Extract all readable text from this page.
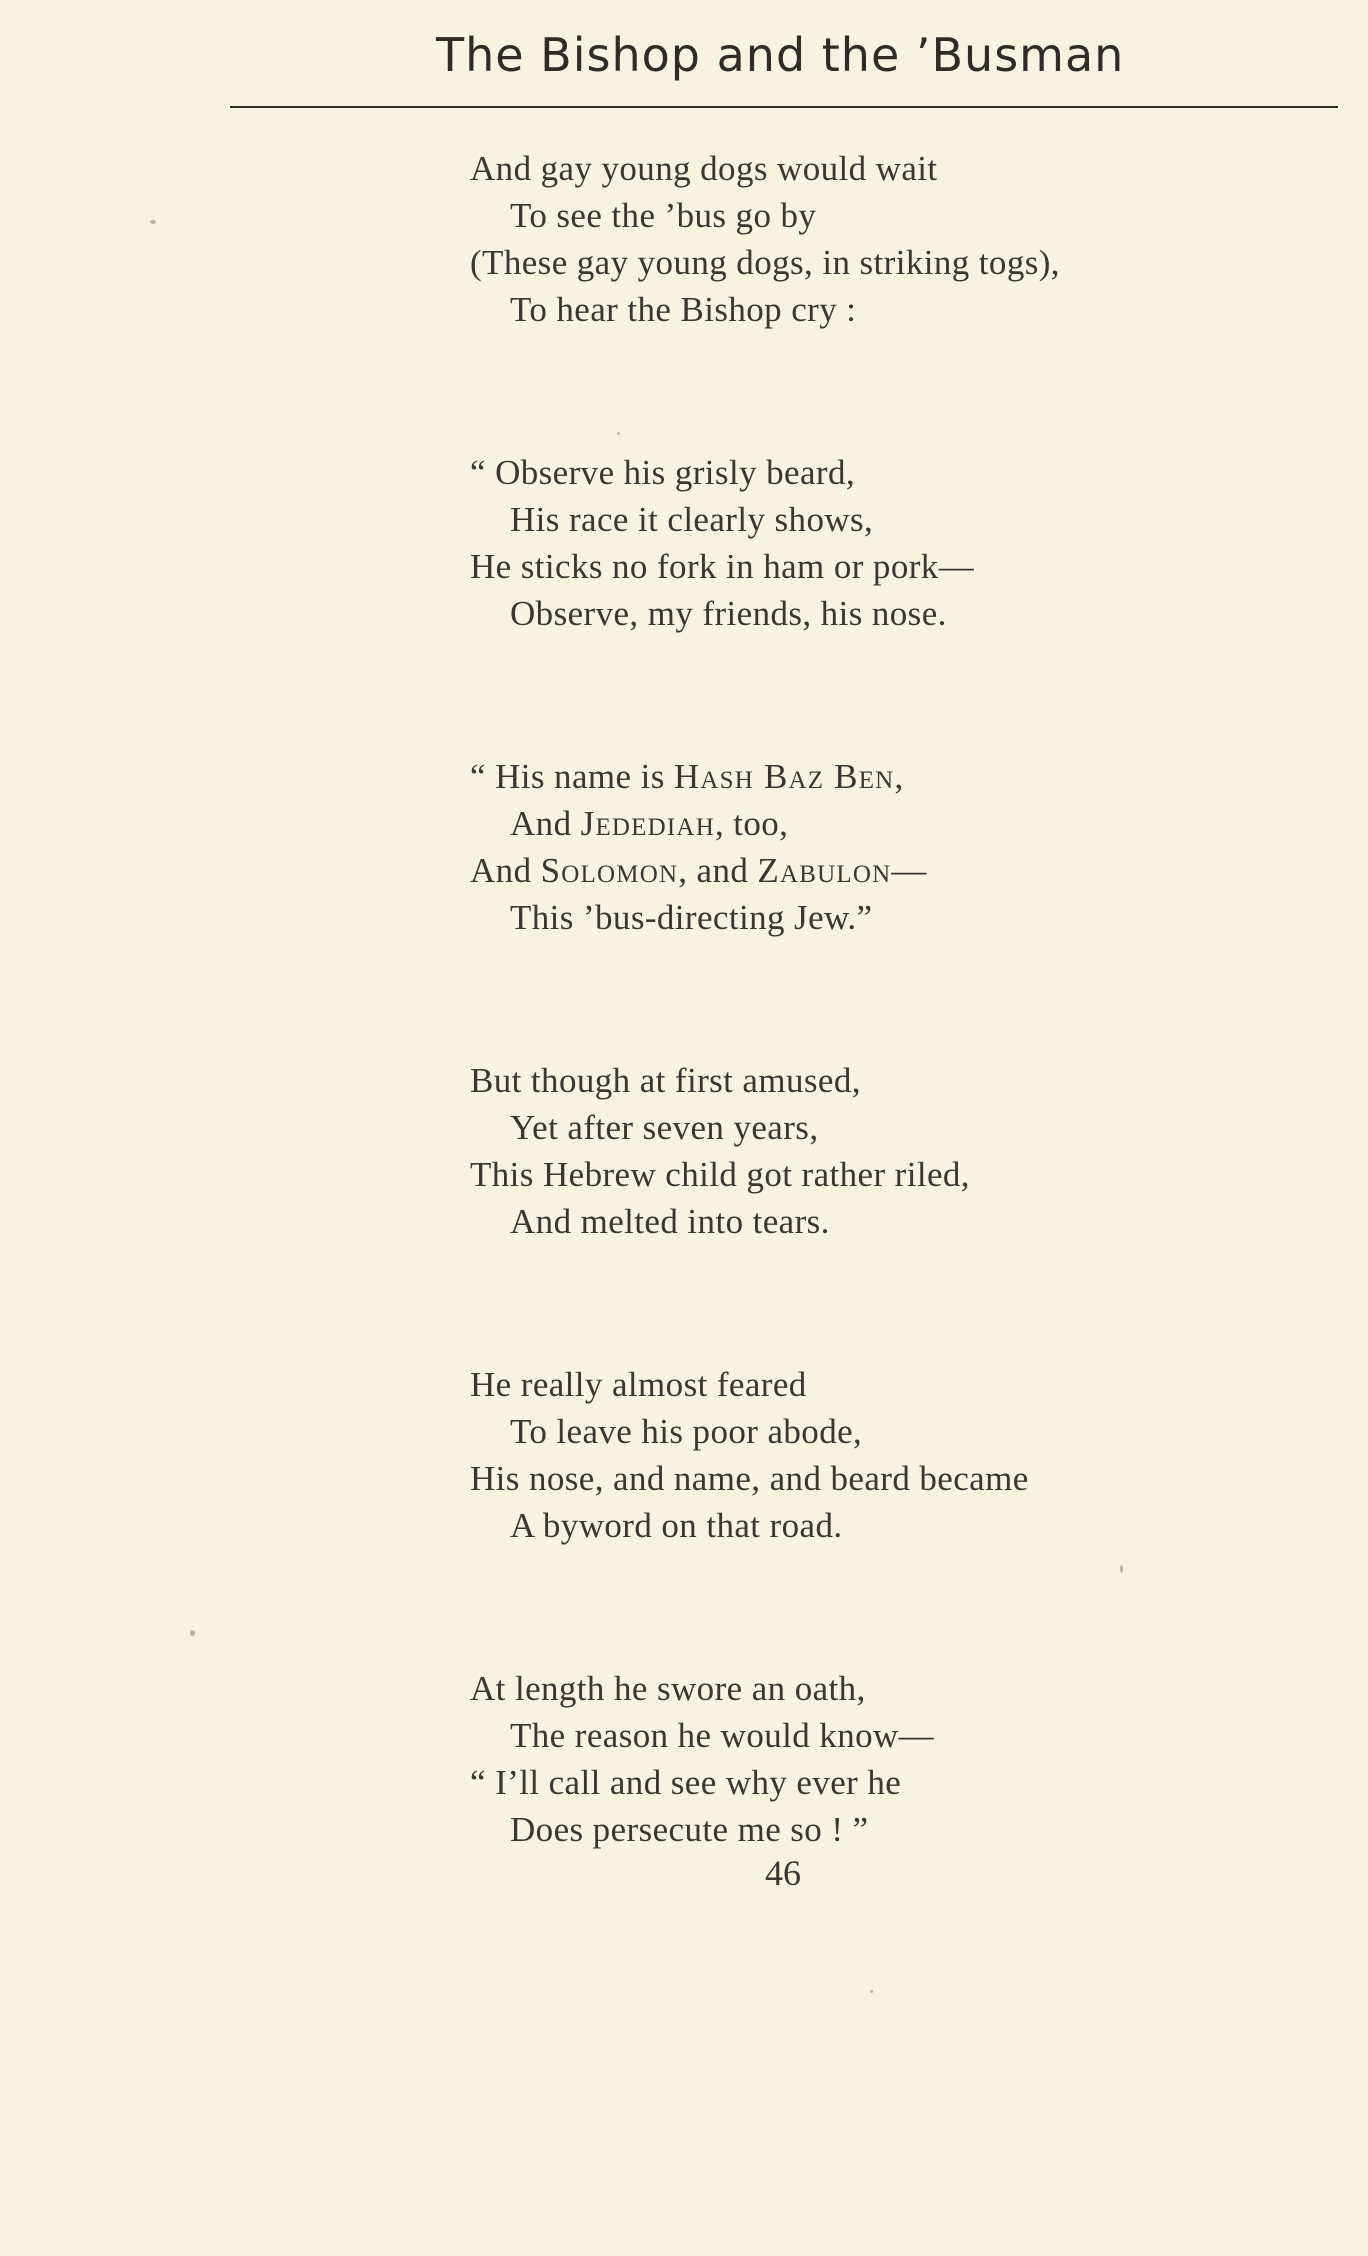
The Bishop and the ’Busman
And gay young dogs would wait
To see the ’bus go by
(These gay young dogs, in striking togs),
To hear the Bishop cry :
“ Observe his grisly beard,
His race it clearly shows,
He sticks no fork in ham or pork—
Observe, my friends, his nose.
“ His name is Hash Baz Ben,
And Jedediah, too,
And Solomon, and Zabulon—
This ’bus-directing Jew.”
But though at first amused,
Yet after seven years,
This Hebrew child got rather riled,
And melted into tears.
He really almost feared
To leave his poor abode,
His nose, and name, and beard became
A byword on that road.
At length he swore an oath,
The reason he would know—
“ I’ll call and see why ever he
Does persecute me so ! ”
46
